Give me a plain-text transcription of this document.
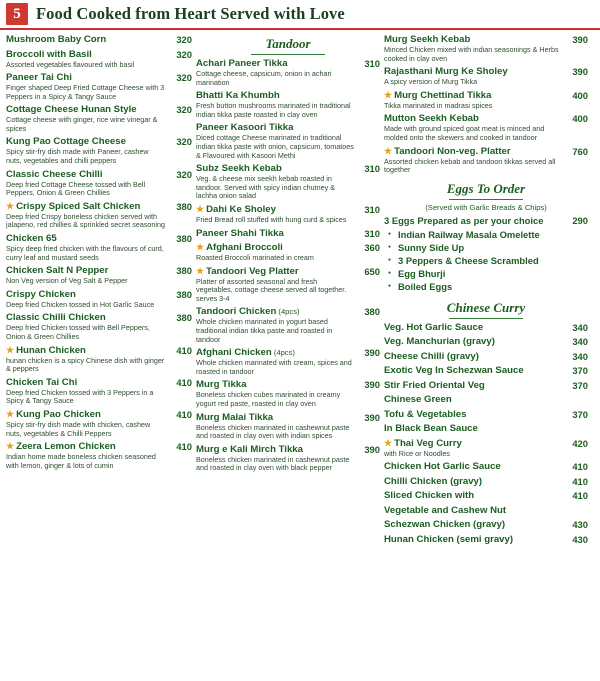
5 Food Cooked from Heart Served with Love
Mushroom Baby Corn	320
Broccoli with Basil	320
Assorted vegetables flavoured with basil
Paneer Tai Chi	320
Finger shaped Deep Fried Cottage Cheese with 3 Peppers in a Spicy & Tangy Sauce
Cottage Cheese Hunan Style	320
Cottage cheese with ginger, rice wine vinegar & spices
Kung Pao Cottage Cheese	320
Spicy stir-fry dish made with Paneer, cashew nuts, vegetables and chilli peppers
Classic Cheese Chilli	320
Deep fried Cottage Cheese tossed with Bell Peppers, Onion & Green Chillies
★ Crispy Spiced Salt Chicken	380
Deep fried Crispy boneless chicken served with jalapeno, red chillies & sprinkled secret seasoning
Chicken 65	380
Spicy deep fried chicken with the flavours of curd, curry leaf and mustard seeds
Chicken Salt N Pepper	380
Non Veg version of Veg Salt & Pepper
Crispy Chicken	380
Deep fried Chicken tossed in Hot Garlic Sauce
Classic Chilli Chicken	380
Deep fried Chicken tossed with Bell Peppers, Onion & Green Chillies
★ Hunan Chicken	410
hunan chicken is a spicy Chinese dish with ginger & peppers
Chicken Tai Chi	410
Deep fried Chicken tossed with 3 Peppers in a Spicy & Tangy Sauce
★ Kung Pao Chicken	410
Spicy stir-fry dish made with chicken, cashew nuts, vegetables & Chilli Peppers
★ Zeera Lemon Chicken	410
Indian home made boneless chicken seasoned with lemon, ginger & lots of cumin
Tandoor
Achari Paneer Tikka	310
Cottage cheese, capsicum, onion in achari marination
Bhatti Ka Khumbh
Fresh button mushrooms marinated in traditional indian tikka paste roasted in clay oven
Paneer Kasoori Tikka
Diced cottage Cheese marinated in traditional indian tikka paste with onion, capsicum, tomatoes & Flavoured with Kasoori Methi
Subz Seekh Kebab	310
Veg. & cheese mix seekh kebab roasted in tandoor. Served with spicy indian chutney & lachha onion salad
★ Dahi Ke Sholey	310
Fried Bread roll stuffed with hung curd & spices
Paneer Shahi Tikka	310
★ Afghani Broccoli	360
Roasted Broccoli marinated in cream
★ Tandoori Veg Platter	650
Platter of assorted seasonal and fresh vegetables, cottage cheese served all together. serves 3-4
Tandoori Chicken (4pcs)	380
Whole chicken marinated in yogurt based traditional indian tikka paste and roasted in tandoor
Afghani Chicken (4pcs)	390
Whole chicken marinated with cream, spices and roasted in tandoor
Murg Tikka	390
Boneless chicken cubes marinated in creamy yogurt red paste, roasted in clay oven
Murg Malai Tikka	390
Boneless chicken marinated in cashewnut paste and roasted in clay oven with indian spices
Murg e Kali Mirch Tikka	390
Boneless chicken marinated in cashewnut paste and roasted in clay oven with black pepper
Murg Seekh Kebab	390
Minced Chicken mixed with indian seasonings & Herbs cooked in clay oven
Rajasthani Murg Ke Sholey	390
A spicy version of Murg Tikka
★ Murg Chettinad Tikka	400
Tikka marinated in madrasi spices
Mutton Seekh Kebab	400
Made with ground spiced goat meat is minced and molded onto the skewers and cooked in tandoor
★ Tandoori Non-veg. Platter	760
Assorted chicken kebab and tandoori tikkas served all together
Eggs To Order
(Served with Garlic Breads & Chips)
3 Eggs Prepared as per your choice	290
● Indian Railway Masala Omelette
● Sunny Side Up
● 3 Peppers & Cheese Scrambled
● Egg Bhurji
● Boiled Eggs
Chinese Curry
Veg. Hot Garlic Sauce	340
Veg. Manchurian (gravy)	340
Cheese Chilli (gravy)	340
Exotic Veg In Schezwan Sauce	370
Stir Fried Oriental Veg	370
Chinese Green
Tofu & Vegetables	370
In Black Bean Sauce
★ Thai Veg Curry	420
with Rice or Noodles
Chicken Hot Garlic Sauce	410
Chilli Chicken (gravy)	410
Sliced Chicken with	410
Vegetable and Cashew Nut
Schezwan Chicken (gravy)	430
Hunan Chicken (semi gravy)	430
